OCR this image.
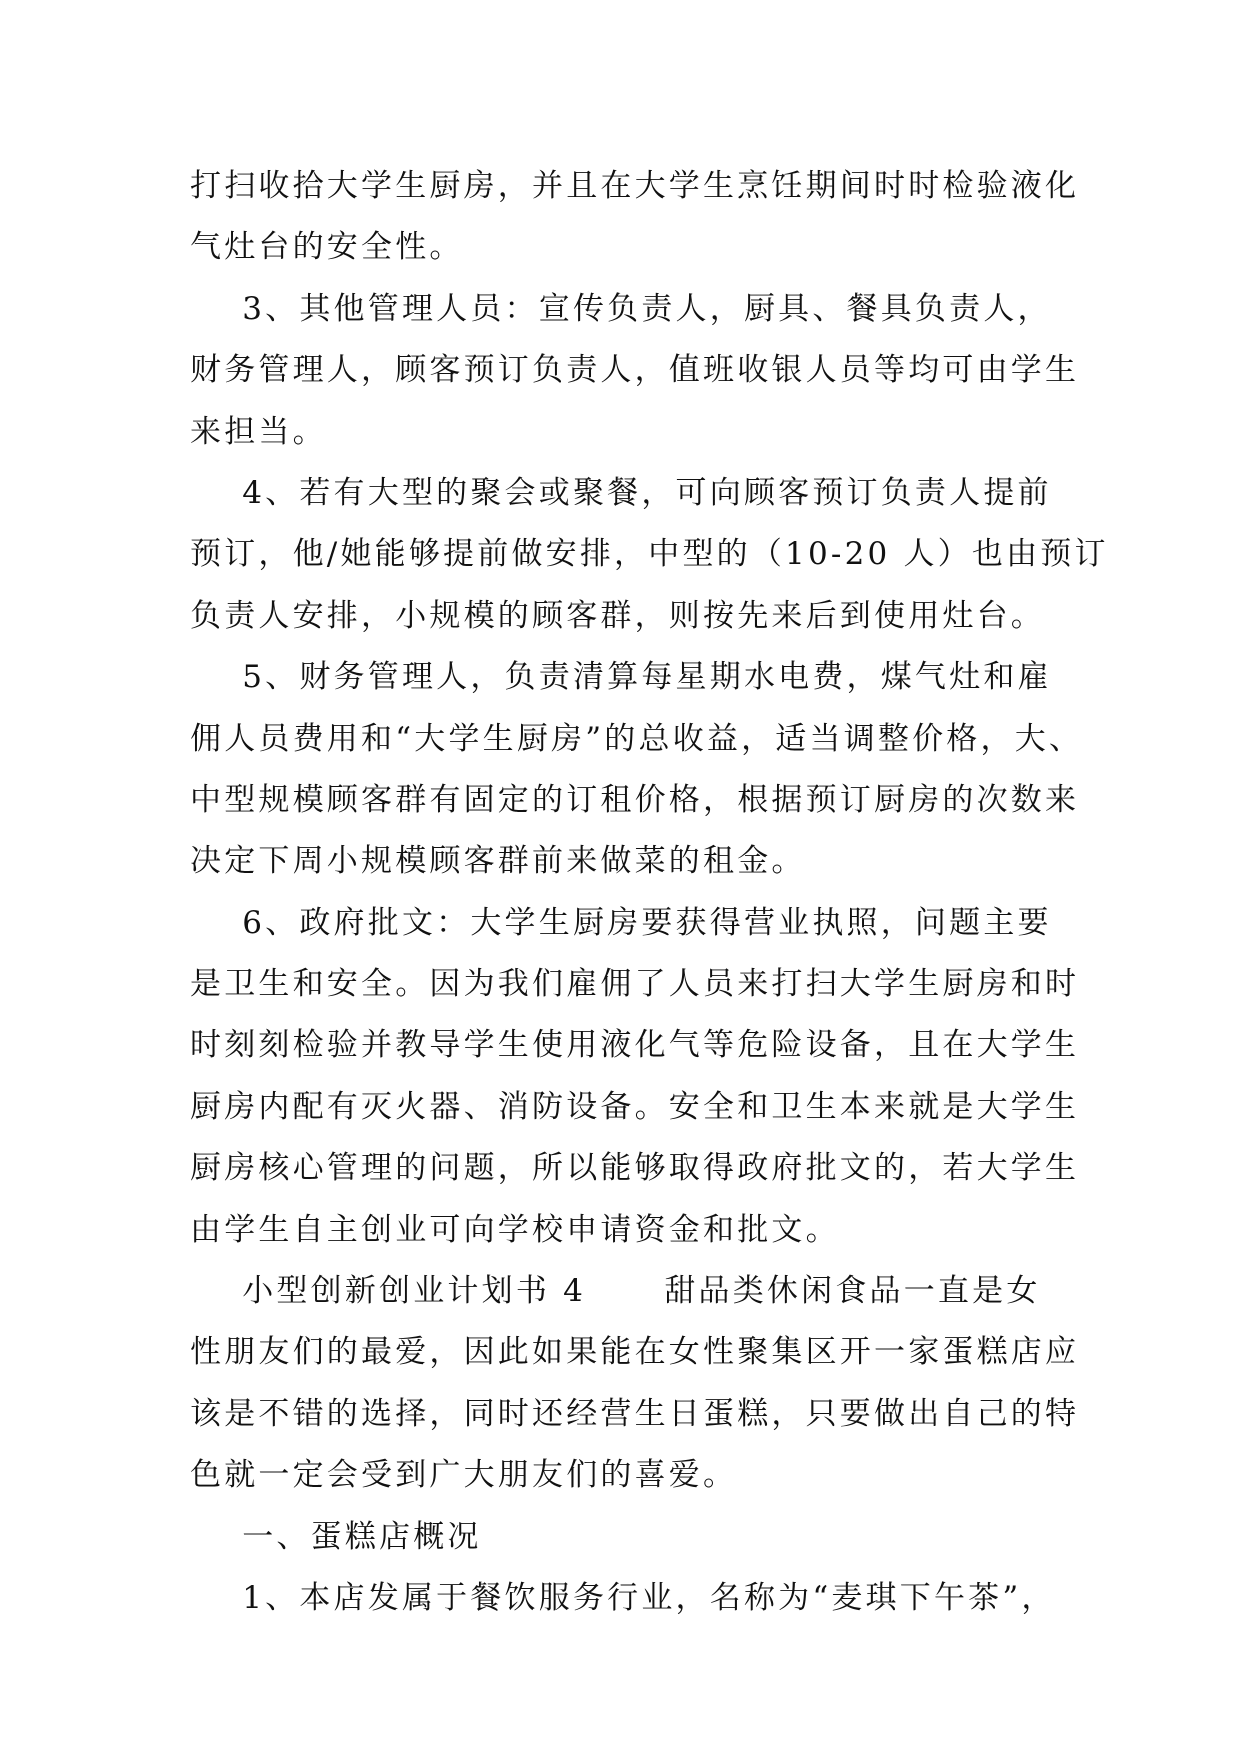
打扫收拾大学生厨房，并且在大学生烹饪期间时时检验液化
气灶台的安全性。
3、其他管理人员：宣传负责人，厨具、餐具负责人，
财务管理人，顾客预订负责人，值班收银人员等均可由学生
来担当。
4、若有大型的聚会或聚餐，可向顾客预订负责人提前
预订，他/她能够提前做安排，中型的（10-20 人）也由预订
负责人安排，小规模的顾客群，则按先来后到使用灶台。
5、财务管理人，负责清算每星期水电费，煤气灶和雇
佣人员费用和“大学生厨房”的总收益，适当调整价格，大、
中型规模顾客群有固定的订租价格，根据预订厨房的次数来
决定下周小规模顾客群前来做菜的租金。
6、政府批文：大学生厨房要获得营业执照，问题主要
是卫生和安全。因为我们雇佣了人员来打扫大学生厨房和时
时刻刻检验并教导学生使用液化气等危险设备，且在大学生
厨房内配有灭火器、消防设备。安全和卫生本来就是大学生
厨房核心管理的问题，所以能够取得政府批文的，若大学生
由学生自主创业可向学校申请资金和批文。
小型创新创业计划书 4      甜品类休闲食品一直是女
性朋友们的最爱，因此如果能在女性聚集区开一家蛋糕店应
该是不错的选择，同时还经营生日蛋糕，只要做出自己的特
色就一定会受到广大朋友们的喜爱。
一、蛋糕店概况
1、本店发属于餐饮服务行业，名称为“麦琪下午茶”，
